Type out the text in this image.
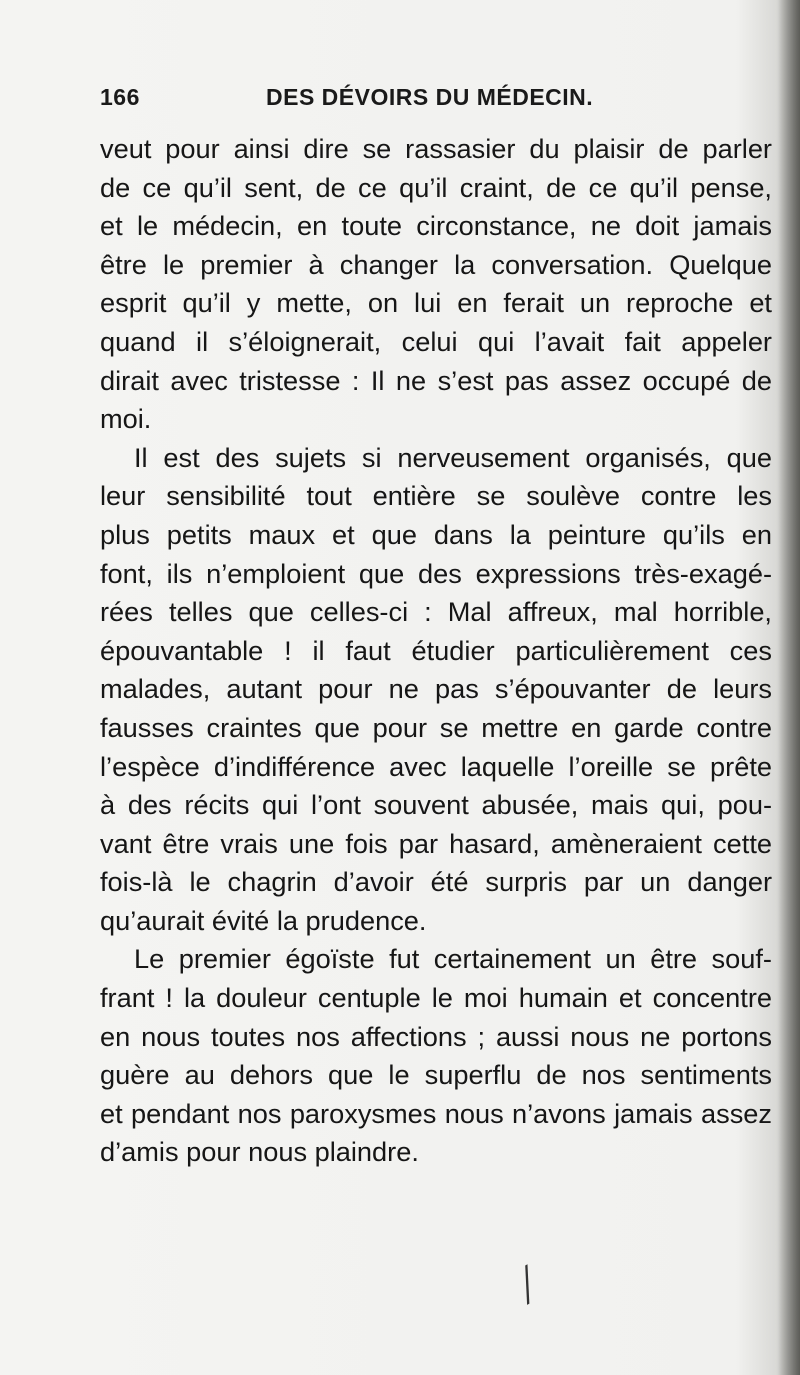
166	DES DÉVOIRS DU MÉDECIN.
veut pour ainsi dire se rassasier du plaisir de parler
de ce qu’il sent, de ce qu’il craint, de ce qu’il pense,
et le médecin, en toute circonstance, ne doit jamais
être le premier à changer la conversation. Quelque
esprit qu’il y mette, on lui en ferait un reproche et
quand il s’éloignerait, celui qui l’avait fait appeler
dirait avec tristesse : Il ne s’est pas assez occupé de
moi.
Il est des sujets si nerveusement organisés, que
leur sensibilité tout entière se soulève contre les
plus petits maux et que dans la peinture qu’ils en
font, ils n’emploient que des expressions très-exagé-
rées telles que celles-ci : Mal affreux, mal horrible,
épouvantable ! il faut étudier particulièrement ces
malades, autant pour ne pas s’épouvanter de leurs
fausses craintes que pour se mettre en garde contre
l’espèce d’indifférence avec laquelle l’oreille se prête
à des récits qui l’ont souvent abusée, mais qui, pou-
vant être vrais une fois par hasard, amèneraient cette
fois-là le chagrin d’avoir été surpris par un danger
qu’aurait évité la prudence.
Le premier égoïste fut certainement un être souf-
frant ! la douleur centuple le moi humain et concentre
en nous toutes nos affections ; aussi nous ne portons
guère au dehors que le superflu de nos sentiments
et pendant nos paroxysmes nous n’avons jamais assez
d’amis pour nous plaindre.
╱
